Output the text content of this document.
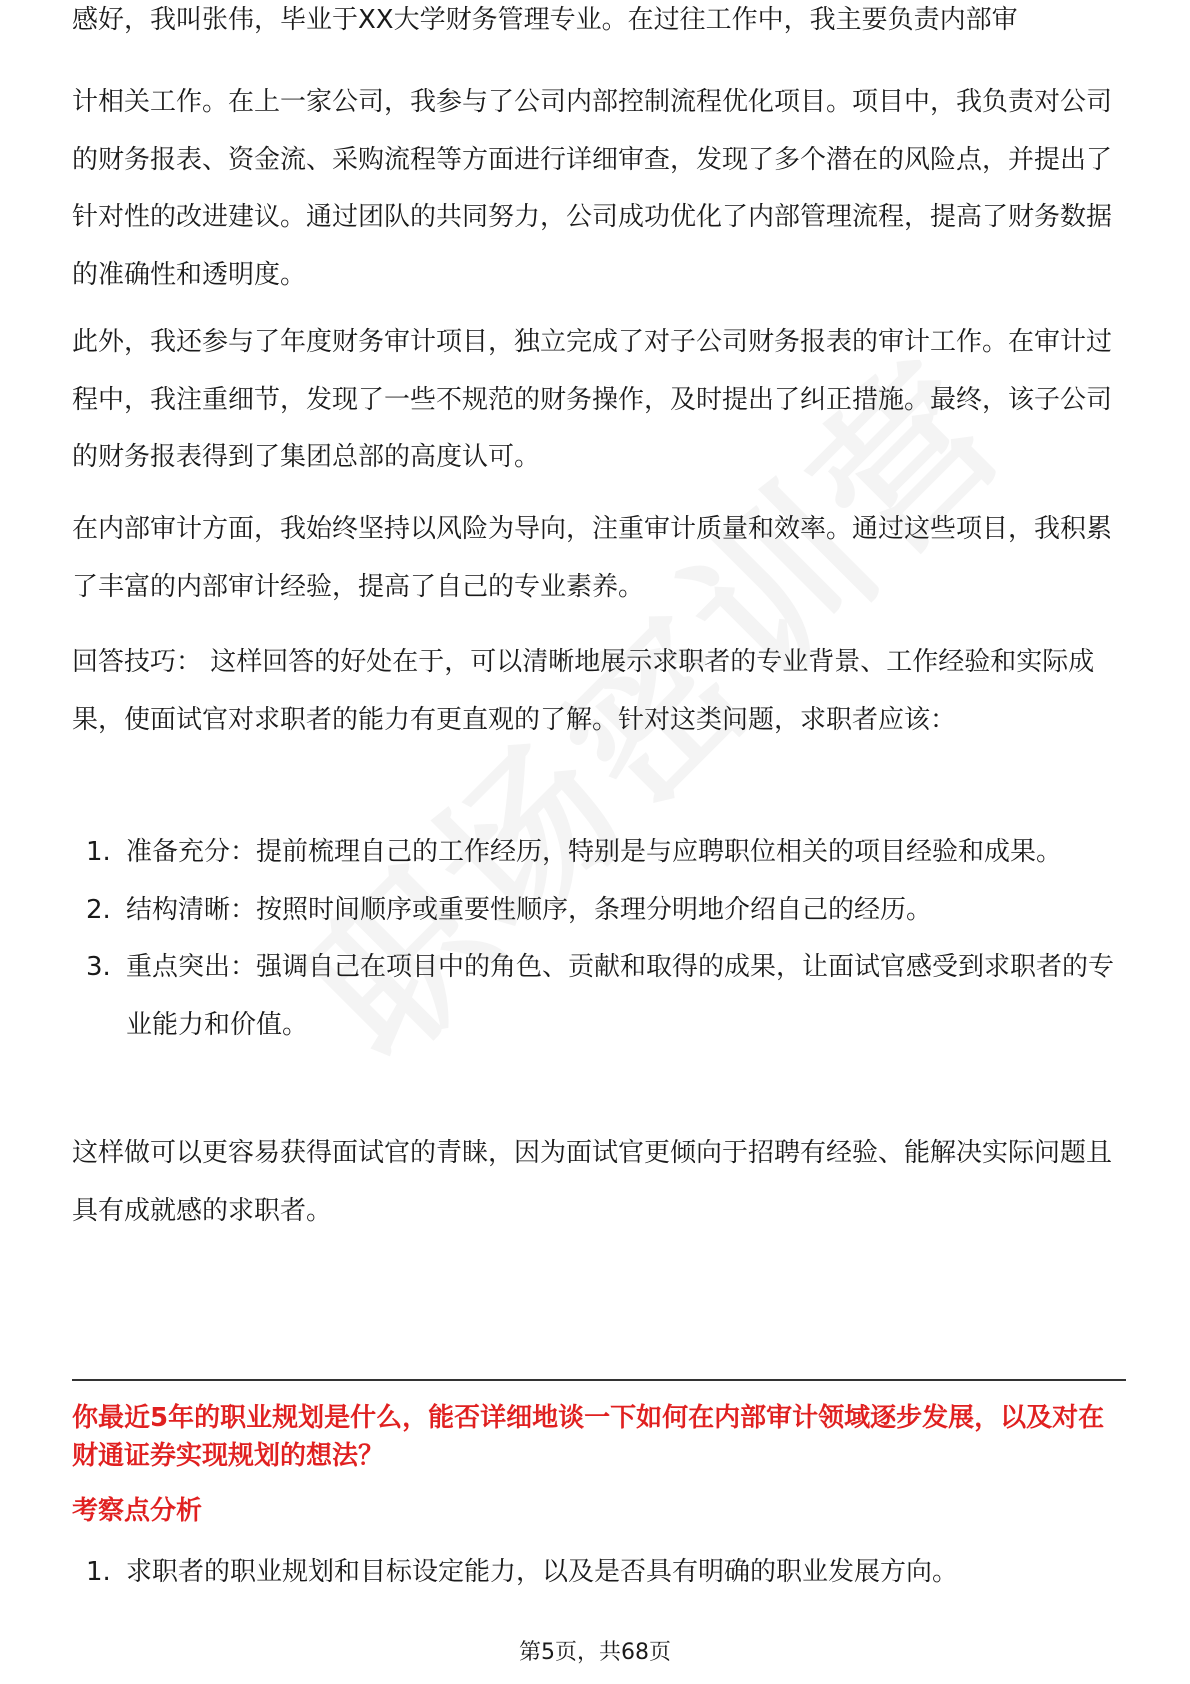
感好，我叫张伟，毕业于XX大学财务管理专业。在过往工作中，我主要负责内部审

计相关工作。在上一家公司，我参与了公司内部控制流程优化项目。项目中，我负责对公司的财务报表、资金流、采购流程等方面进行详细审查，发现了多个潜在的风险点，并提出了针对性的改进建议。通过团队的共同努力，公司成功优化了内部管理流程，提高了财务数据的准确性和透明度。

此外，我还参与了年度财务审计项目，独立完成了对子公司财务报表的审计工作。在审计过程中，我注重细节，发现了一些不规范的财务操作，及时提出了纠正措施。最终，该子公司的财务报表得到了集团总部的高度认可。

在内部审计方面，我始终坚持以风险为导向，注重审计质量和效率。通过这些项目，我积累了丰富的内部审计经验，提高了自己的专业素养。

回答技巧： 这样回答的好处在于，可以清晰地展示求职者的专业背景、工作经验和实际成果，使面试官对求职者的能力有更直观的了解。针对这类问题，求职者应该：

1. 准备充分：提前梳理自己的工作经历，特别是与应聘职位相关的项目经验和成果。
2. 结构清晰：按照时间顺序或重要性顺序，条理分明地介绍自己的经历。
3. 重点突出：强调自己在项目中的角色、贡献和取得的成果，让面试官感受到求职者的专业能力和价值。

这样做可以更容易获得面试官的青睐，因为面试官更倾向于招聘有经验、能解决实际问题且具有成就感的求职者。

你最近5年的职业规划是什么，能否详细地谈一下如何在内部审计领域逐步发展，以及对在财通证券实现规划的想法？
考察点分析
1. 求职者的职业规划和目标设定能力，以及是否具有明确的职业发展方向。
第5页，共68页
